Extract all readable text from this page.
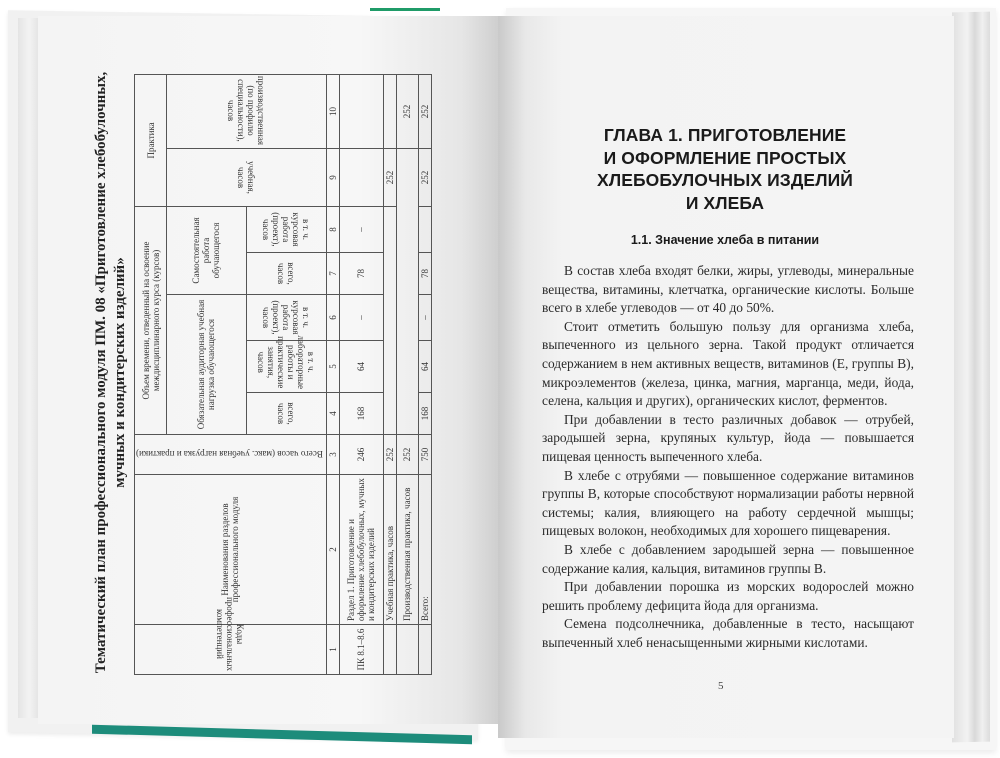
Тематический план профессионального модуля ПМ. 08 «Приготовление хлебобулочных, мучных и кондитерских изделий»
Коды профессиональных компетенций	Наименования разделов профессионального модуля	Всего часов (макс. учебная нагрузка и практики)	Объем времени, отведенный на освоение междисциплинарного курса (курсов)					Практика	
			Обязательная аудиторная учебная нагрузка обучающегося			Самостоятельная работа обучающегося		учебная, часов	производственная (по профилю специальности), часов
			всего, часов	в т. ч. лабораторные работы и практические занятия, часов	в т. ч. курсовая работа (проект), часов	всего, часов	в т. ч. курсовая работа (проект), часов		
1	2	3	4	5	6	7	8	9	10
ПК 8.1–8.6	Раздел 1. Приготовление и оформление хлебобулочных, мучных и кондитерских изделий	246	168	64	–	78	–		
	Учебная практика, часов	252						252	
	Производственная практика, часов	252							252
	Всего:	750	168	64	–	78		252	252
ГЛАВА 1. ПРИГОТОВЛЕНИЕ
И ОФОРМЛЕНИЕ ПРОСТЫХ
ХЛЕБОБУЛОЧНЫХ ИЗДЕЛИЙ
И ХЛЕБА
1.1. Значение хлеба в питании

В состав хлеба входят белки, жиры, углеводы, минеральные вещества, витамины, клетчатка, органические кислоты. Больше всего в хлебе углеводов — от 40 до 50%.

Стоит отметить большую пользу для организма хлеба, выпеченного из цельного зерна. Такой продукт отличается содержанием в нем активных веществ, витаминов (Е, группы В), микроэлементов (железа, цинка, магния, марганца, меди, йода, селена, кальция и других), органических кислот, ферментов.

При добавлении в тесто различных добавок — отрубей, зародышей зерна, крупяных культур, йода — повышается пищевая ценность выпеченного хлеба.

В хлебе с отрубями — повышенное содержание витаминов группы В, которые способствуют нормализации работы нервной системы; калия, влияющего на работу сердечной мышцы; пищевых волокон, необходимых для хорошего пищеварения.

В хлебе с добавлением зародышей зерна — повышенное содержание калия, кальция, витаминов группы В.

При добавлении порошка из морских водорослей можно решить проблему дефицита йода для организма.

Семена подсолнечника, добавленные в тесто, насыщают выпеченный хлеб ненасыщенными жирными кислотами.

5
